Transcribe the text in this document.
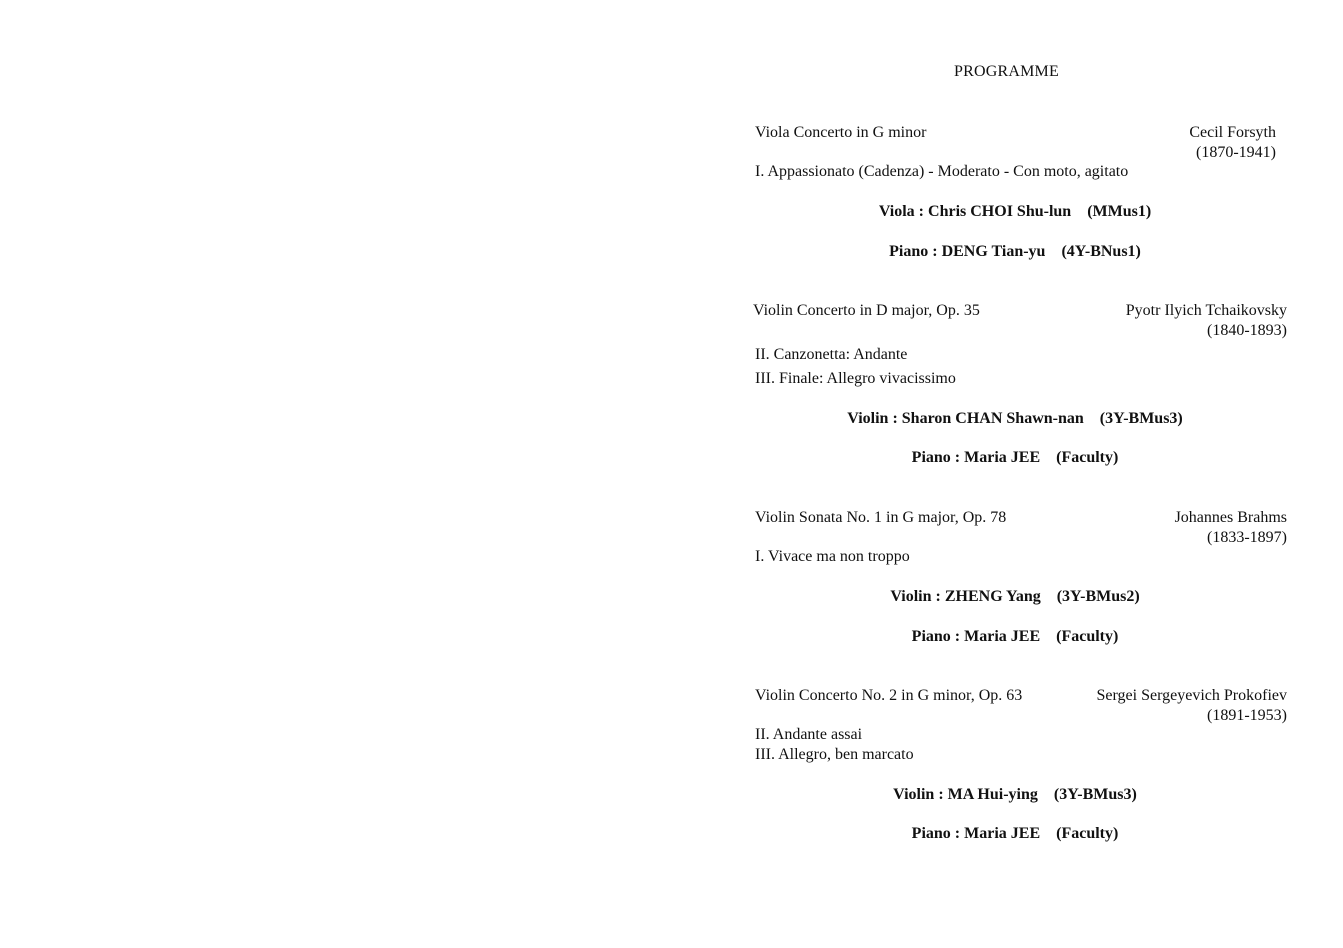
PROGRAMME
Viola Concerto in G minor	Cecil Forsyth
(1870-1941)
I. Appassionato (Cadenza) - Moderato - Con moto, agitato
Viola : Chris CHOI Shu-lun (MMus1)
Piano : DENG Tian-yu (4Y-BNus1)
Violin Concerto in D major, Op. 35	Pyotr Ilyich Tchaikovsky
(1840-1893)
II. Canzonetta: Andante
III. Finale: Allegro vivacissimo
Violin : Sharon CHAN Shawn-nan (3Y-BMus3)
Piano : Maria JEE (Faculty)
Violin Sonata No. 1 in G major, Op. 78	Johannes Brahms
(1833-1897)
I. Vivace ma non troppo
Violin : ZHENG Yang (3Y-BMus2)
Piano : Maria JEE (Faculty)
Violin Concerto No. 2 in G minor, Op. 63	Sergei Sergeyevich Prokofiev
(1891-1953)
II. Andante assai
III. Allegro, ben marcato
Violin : MA Hui-ying (3Y-BMus3)
Piano : Maria JEE (Faculty)
